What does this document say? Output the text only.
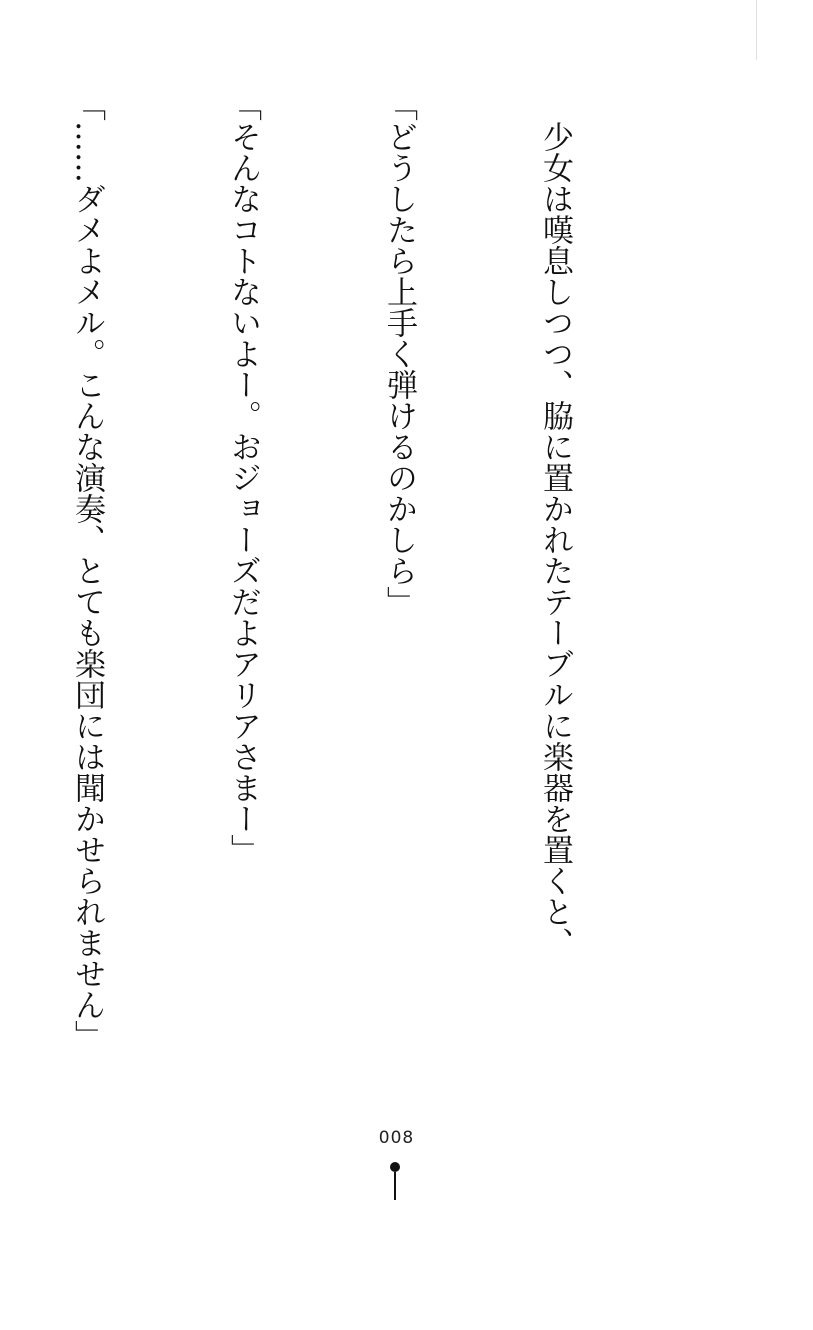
　少女は嘆息しつつ、脇に置かれたテーブルに楽器を置くと、

「どうしたら上手く弾けるのかしら」

「そんなコトないよー。おジョーズだよアリアさまー」

「……ダメよメル。こんな演奏、とても楽団には聞かせられません」

008
